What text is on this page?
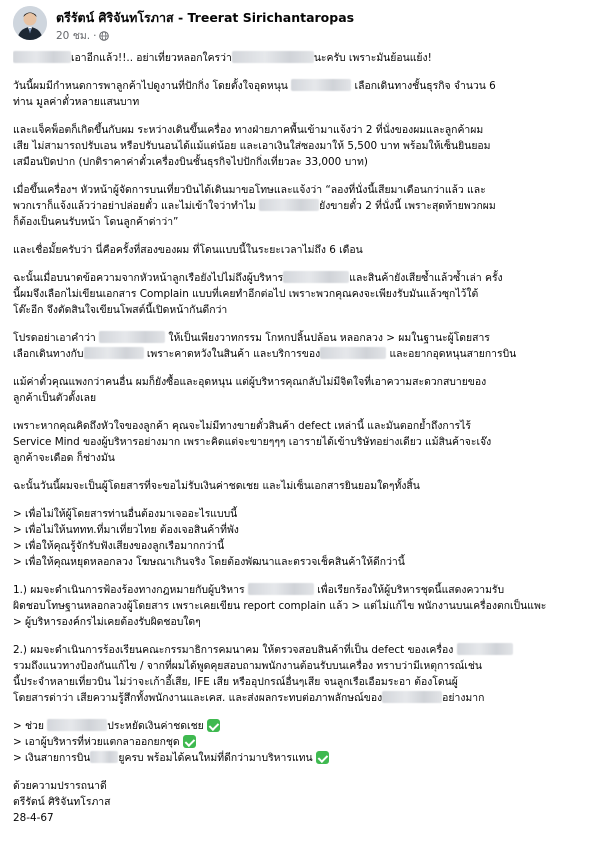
ตรีรัตน์ ศิริจันทโรภาส - Treerat Sirichantaropas
20 ชม. ·
เอาอีกแล้ว!!.. อย่าเที่ยวหลอกใครว่า	นะครับ เพราะมันย้อนแย้ง!
วันนี้ผมมีกำหนดการพาลูกค้าไปดูงานที่ปักกิ่ง โดยตั้งใจอุดหนุน	เลือกเดินทางชั้นธุรกิจ จำนวน 6
ท่าน มูลค่าตั๋วหลายแสนบาท
และแจ็คพ็อตก็เกิดขึ้นกับผม ระหว่างเดินขึ้นเครื่อง ทางฝ่ายภาคพื้นเข้ามาแจ้งว่า 2 ที่นั่งของผมและลูกค้าผม
เสีย ไม่สามารถปรับเอน หรือปรับนอนได้แม้แต่น้อย และเอาเงินใส่ซองมาให้ 5,500 บาท พร้อมให้เซ็นยินยอม
เสมือนปิดปาก (ปกติราคาค่าตั๋วเครื่องบินชั้นธุรกิจไปปักกิ่งเที่ยวละ 33,000 บาท)
เมื่อขึ้นเครื่องฯ หัวหน้าผู้จัดการบนเที่ยวบินได้เดินมาขอโทษและแจ้งว่า “ลองที่นั่งนี้เสียมาเดือนกว่าแล้ว และ
พวกเราก็แจ้งแล้วว่าอย่าปล่อยตั๋ว และไม่เข้าใจว่าทำไม	ยังขายตั๋ว 2 ที่นั่งนี้ เพราะสุดท้ายพวกผม
ก็ต้องเป็นคนรับหน้า โดนลูกค้าด่าว่า”
และเชื่อมั้ยครับว่า นี่คือครั้งที่สองของผม ที่โดนแบบนี้ในระยะเวลาไม่ถึง 6 เดือน
ฉะนั้นเมื่อบนาดข้อความจากหัวหน้าลูกเรือยังไปไม่ถึงผู้บริหาร	และสินค้ายังเสียซ้ำแล้วซ้ำเล่า ครั้ง
นี้ผมจึงเลือกไม่เขียนเอกสาร Complain แบบที่เคยทำอีกต่อไป เพราะพวกคุณคงจะเพียงรับมันแล้วซุกไว้ใต้
โต๊ะอีก จึงตัดสินใจเขียนโพสต์นี้เปิดหน้ากันดีกว่า
โปรดอย่าเอาคำว่า	ให้เป็นเพียงวาทกรรม โกหกปลิ้นปล้อน หลอกลวง > ผมในฐานะผู้โดยสาร
เลือกเดินทางกับ	เพราะคาดหวังในสินค้า และบริการของ	และอยากอุดหนุนสายการบิน
แม้ค่าตั๋วคุณแพงกว่าคนอื่น ผมก็ยังซื้อและอุดหนุน แต่ผู้บริหารคุณกลับไม่มีจิตใจที่เอาความสะดวกสบายของ
ลูกค้าเป็นตัวตั้งเลย
เพราะหากคุณคิดถึงหัวใจของลูกค้า คุณจะไม่มีทางขายตั๋วสินค้า defect เหล่านี้ และมันตอกย้ำถึงการไร้
Service Mind ของผู้บริหารอย่างมาก เพราะคิดแต่จะขายๆๆๆ เอารายได้เข้าบริษัทอย่างเดียว แม้สินค้าจะเจ๊ง
ลูกค้าจะเดือด ก็ช่างมัน
ฉะนั้นวันนี้ผมจะเป็นผู้โดยสารที่จะขอไม่รับเงินค่าชดเชย และไม่เซ็นเอกสารยินยอมใดๆทั้งสิ้น
> เพื่อไม่ให้ผู้โดยสารท่านอื่นต้องมาเจออะไรแบบนี้
> เพื่อไม่ให้นททท.ที่มาเที่ยวไทย ต้องเจอสินค้าที่พัง
> เพื่อให้คุณรู้จักรับฟังเสียงของลูกเรือมากกว่านี้
> เพื่อให้คุณหยุดหลอกลวง โฆษณาเกินจริง โดยต้องพัฒนาและตรวจเช็คสินค้าให้ดีกว่านี้
1.) ผมจะดำเนินการฟ้องร้องทางกฎหมายกับผู้บริหาร	เพื่อเรียกร้องให้ผู้บริหารชุดนี้แสดงความรับ
ผิดชอบโทษฐานหลอกลวงผู้โดยสาร เพราะเคยเขียน report complain แล้ว > แต่ไม่แก้ไข พนักงานบนเครื่องตกเป็นแพะ
> ผู้บริหารองค์กรไม่เคยต้องรับผิดชอบใดๆ
2.) ผมจะดำเนินการร้องเรียนคณะกรรมาธิการคมนาคม ให้ตรวจสอบสินค้าที่เป็น defect ของเครื่อง
รวมถึงแนวทางป้องกันแก้ไข / จากที่ผมได้พูดคุยสอบถามพนักงานต้อนรับบนเครื่อง ทราบว่ามีเหตุการณ์เช่น
นี้ประจำหลายเที่ยวบิน ไม่ว่าจะเก้าอี้เสีย, IFE เสีย หรืออุปกรณ์อื่นๆเสีย จนลูกเรือเอือมระอา ต้องโดนผู้
โดยสารด่าว่า เสียความรู้สึกทั้งพนักงานและเคส. และส่งผลกระทบต่อภาพลักษณ์ของ	อย่างมาก
> ช่วย	ประหยัดเงินค่าชดเชย
> เอาผู้บริหารที่ห่วยแตกลาออกยกชุด
> เงินสายการบิน	ยูครบ พร้อมได้คนใหม่ที่ดีกว่ามาบริหารแทน
ด้วยความปรารถนาดี
ตรีรัตน์ ศิริจันทโรภาส
28-4-67
